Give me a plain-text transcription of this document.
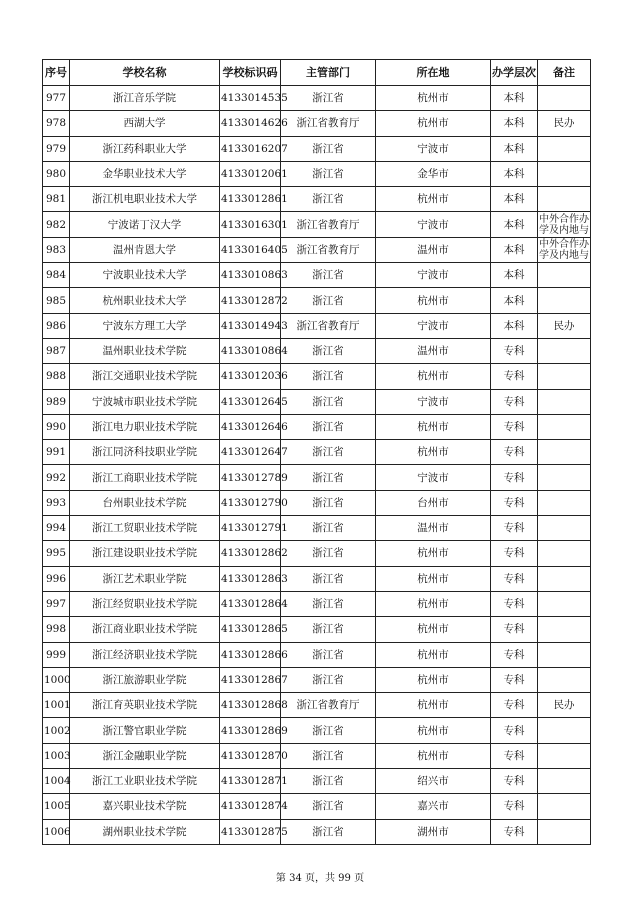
序号	学校名称	学校标识码	主管部门	所在地	办学层次	备注
977	浙江音乐学院	4133014535	浙江省	杭州市	本科	
978	西湖大学	4133014626	浙江省教育厅	杭州市	本科	民办
979	浙江药科职业大学	4133016207	浙江省	宁波市	本科	
980	金华职业技术大学	4133012061	浙江省	金华市	本科	
981	浙江机电职业技术大学	4133012861	浙江省	杭州市	本科	
982	宁波诺丁汉大学	4133016301	浙江省教育厅	宁波市	本科	中外合作办学及内地与

983	温州肯恩大学	4133016405	浙江省教育厅	温州市	本科	中外合作办学及内地与

984	宁波职业技术大学	4133010863	浙江省	宁波市	本科	
985	杭州职业技术大学	4133012872	浙江省	杭州市	本科	
986	宁波东方理工大学	4133014943	浙江省教育厅	宁波市	本科	民办
987	温州职业技术学院	4133010864	浙江省	温州市	专科	
988	浙江交通职业技术学院	4133012036	浙江省	杭州市	专科	
989	宁波城市职业技术学院	4133012645	浙江省	宁波市	专科	
990	浙江电力职业技术学院	4133012646	浙江省	杭州市	专科	
991	浙江同济科技职业学院	4133012647	浙江省	杭州市	专科	
992	浙江工商职业技术学院	4133012789	浙江省	宁波市	专科	
993	台州职业技术学院	4133012790	浙江省	台州市	专科	
994	浙江工贸职业技术学院	4133012791	浙江省	温州市	专科	
995	浙江建设职业技术学院	4133012862	浙江省	杭州市	专科	
996	浙江艺术职业学院	4133012863	浙江省	杭州市	专科	
997	浙江经贸职业技术学院	4133012864	浙江省	杭州市	专科	
998	浙江商业职业技术学院	4133012865	浙江省	杭州市	专科	
999	浙江经济职业技术学院	4133012866	浙江省	杭州市	专科	
1000	浙江旅游职业学院	4133012867	浙江省	杭州市	专科	
1001	浙江育英职业技术学院	4133012868	浙江省教育厅	杭州市	专科	民办
1002	浙江警官职业学院	4133012869	浙江省	杭州市	专科	
1003	浙江金融职业学院	4133012870	浙江省	杭州市	专科	
1004	浙江工业职业技术学院	4133012871	浙江省	绍兴市	专科	
1005	嘉兴职业技术学院	4133012874	浙江省	嘉兴市	专科	
1006	湖州职业技术学院	4133012875	浙江省	湖州市	专科	
第 34 页，共 99 页
